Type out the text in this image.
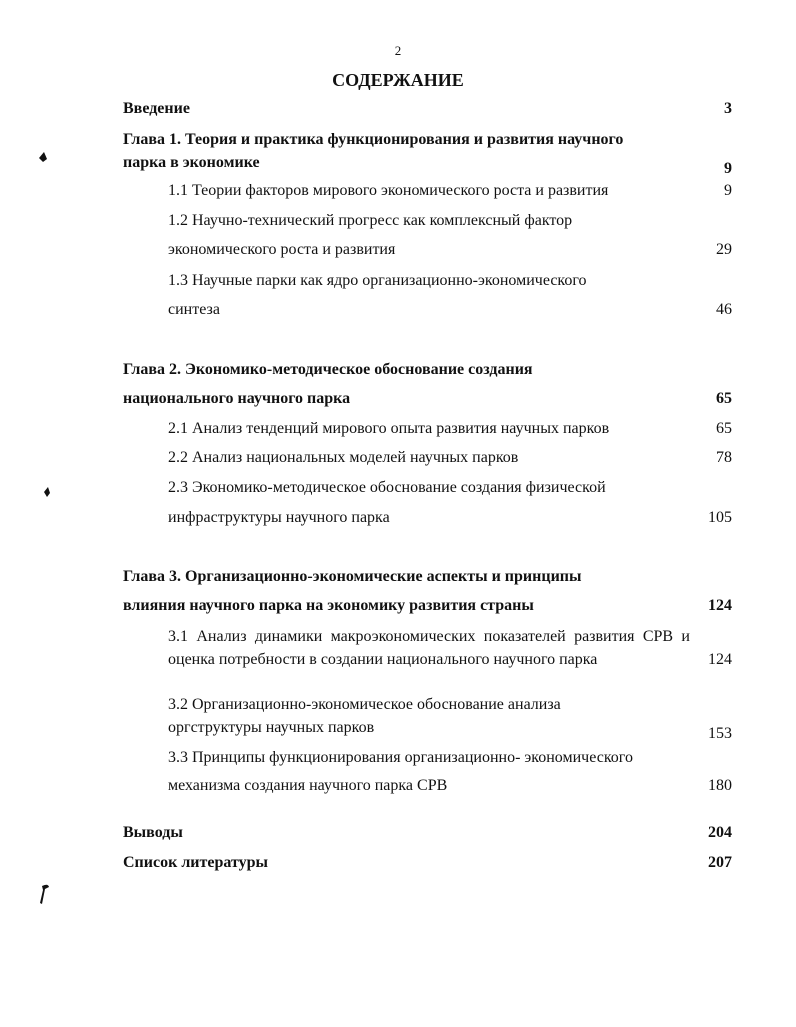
2
СОДЕРЖАНИЕ
Введение	3
Глава 1. Теория и практика функционирования и развития научного
парка в экономике	9
1.1 Теории факторов мирового экономического роста и развития	9
1.2 Научно-технический прогресс как комплексный фактор
экономического роста и развития	29
1.3 Научные парки как ядро организационно-экономического
синтеза	46
Глава 2. Экономико-методическое обоснование создания
национального научного парка	65
2.1 Анализ тенденций мирового опыта развития научных парков	65
2.2 Анализ национальных моделей научных парков	78
2.3 Экономико-методическое обоснование создания физической
инфраструктуры научного парка	105
Глава 3. Организационно-экономические аспекты и принципы
влияния научного парка на экономику развития страны	124
3.1 Анализ динамики макроэкономических показателей развития СРВ и оценка потребности в создании национального научного парка	124
3.2 Организационно-экономическое обоснование анализа
оргструктуры научных парков	153
3.3 Принципы функционирования организационно- экономического
механизма создания научного парка СРВ	180
Выводы	204
Список литературы	207
